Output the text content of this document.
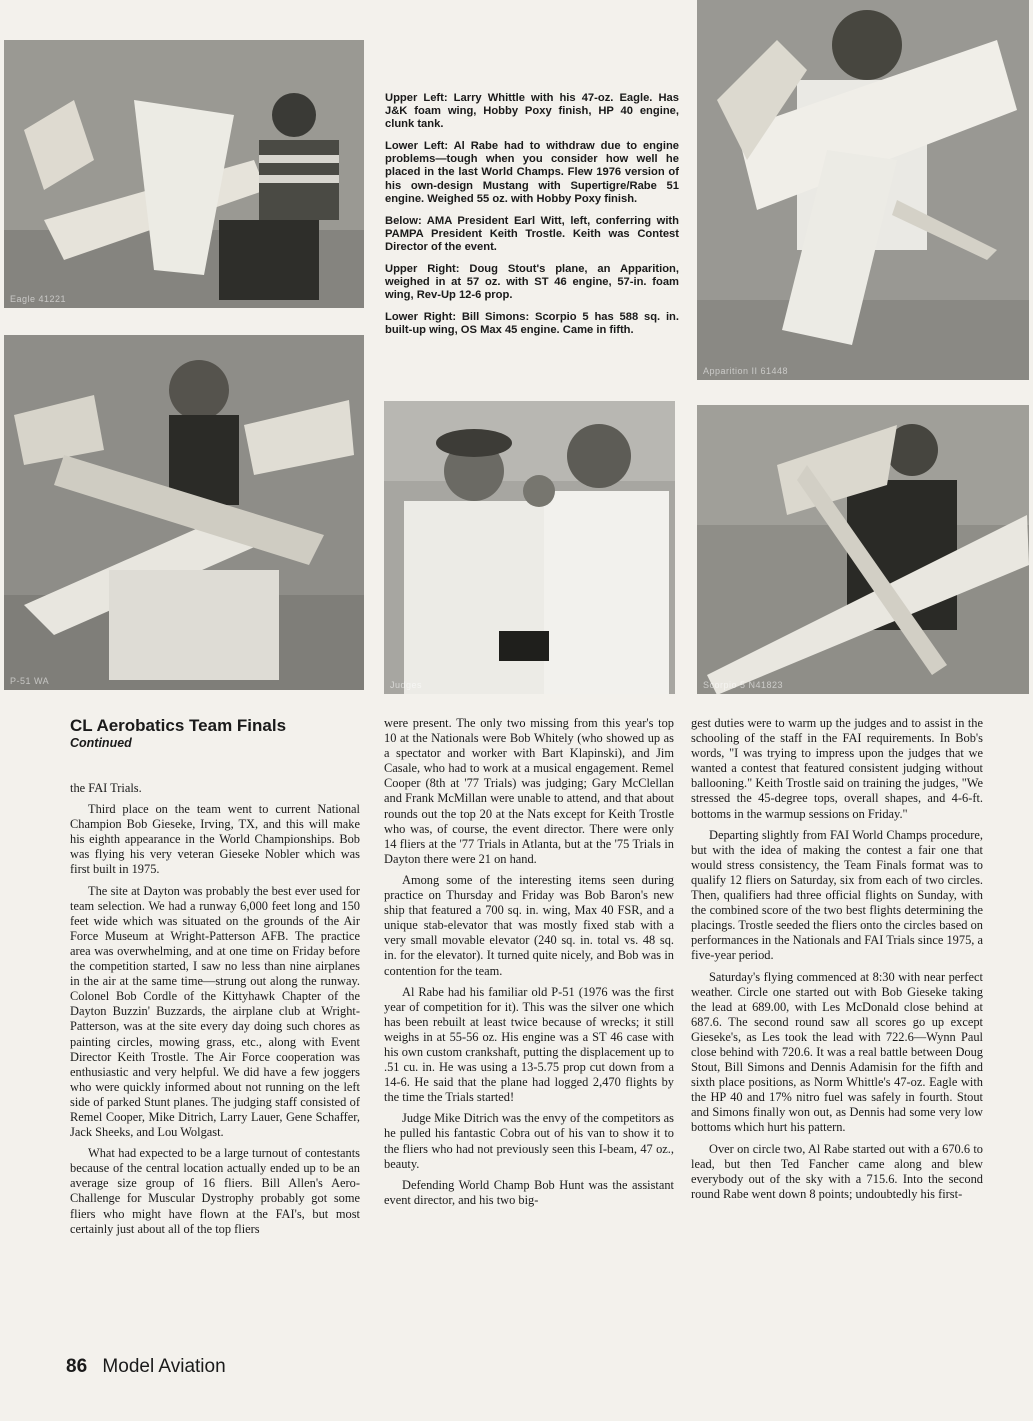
Eagle 41221
P-51 WA	Judges
Apparition II 61448
Scorpio 5 N41823

Upper Left: Larry Whittle with his 47-oz. Eagle. Has J&K foam wing, Hobby Poxy finish, HP 40 engine, clunk tank.

Lower Left: Al Rabe had to withdraw due to engine problems—tough when you consider how well he placed in the last World Champs. Flew 1976 version of his own-design Mustang with Supertigre/Rabe 51 engine. Weighed 55 oz. with Hobby Poxy finish.

Below: AMA President Earl Witt, left, conferring with PAMPA President Keith Trostle. Keith was Contest Director of the event.

Upper Right: Doug Stout's plane, an Apparition, weighed in at 57 oz. with ST 46 engine, 57-in. foam wing, Rev-Up 12-6 prop.

Lower Right: Bill Simons: Scorpio 5 has 588 sq. in. built-up wing, OS Max 45 engine. Came in fifth.

CL Aerobatics Team Finals
Continued

the FAI Trials.

Third place on the team went to current National Champion Bob Gieseke, Irving, TX, and this will make his eighth appearance in the World Championships. Bob was flying his very veteran Gieseke Nobler which was first built in 1975.

The site at Dayton was probably the best ever used for team selection. We had a runway 6,000 feet long and 150 feet wide which was situated on the grounds of the Air Force Museum at Wright-Patterson AFB. The practice area was overwhelming, and at one time on Friday before the competition started, I saw no less than nine airplanes in the air at the same time—strung out along the runway. Colonel Bob Cordle of the Kittyhawk Chapter of the Dayton Buzzin' Buzzards, the airplane club at Wright-Patterson, was at the site every day doing such chores as painting circles, mowing grass, etc., along with Event Director Keith Trostle. The Air Force cooperation was enthusiastic and very helpful. We did have a few joggers who were quickly informed about not running on the left side of parked Stunt planes. The judging staff consisted of Remel Cooper, Mike Ditrich, Larry Lauer, Gene Schaffer, Jack Sheeks, and Lou Wolgast.

What had expected to be a large turnout of contestants because of the central location actually ended up to be an average size group of 16 fliers. Bill Allen's Aero-Challenge for Muscular Dystrophy probably got some fliers who might have flown at the FAI's, but most certainly just about all of the top fliers

were present. The only two missing from this year's top 10 at the Nationals were Bob Whitely (who showed up as a spectator and worker with Bart Klapinski), and Jim Casale, who had to work at a musical engagement. Remel Cooper (8th at '77 Trials) was judging; Gary McClellan and Frank McMillan were unable to attend, and that about rounds out the top 20 at the Nats except for Keith Trostle who was, of course, the event director. There were only 14 fliers at the '77 Trials in Atlanta, but at the '75 Trials in Dayton there were 21 on hand.

Among some of the interesting items seen during practice on Thursday and Friday was Bob Baron's new ship that featured a 700 sq. in. wing, Max 40 FSR, and a unique stab-elevator that was mostly fixed stab with a very small movable elevator (240 sq. in. total vs. 48 sq. in. for the elevator). It turned quite nicely, and Bob was in contention for the team.

Al Rabe had his familiar old P-51 (1976 was the first year of competition for it). This was the silver one which has been rebuilt at least twice because of wrecks; it still weighs in at 55-56 oz. His engine was a ST 46 case with his own custom crankshaft, putting the displacement up to .51 cu. in. He was using a 13-5.75 prop cut down from a 14-6. He said that the plane had logged 2,470 flights by the time the Trials started!

Judge Mike Ditrich was the envy of the competitors as he pulled his fantastic Cobra out of his van to show it to the fliers who had not previously seen this I-beam, 47 oz., beauty.

Defending World Champ Bob Hunt was the assistant event director, and his two big-

gest duties were to warm up the judges and to assist in the schooling of the staff in the FAI requirements. In Bob's words, "I was trying to impress upon the judges that we wanted a contest that featured consistent judging without ballooning." Keith Trostle said on training the judges, "We stressed the 45-degree tops, overall shapes, and 4-6-ft. bottoms in the warmup sessions on Friday."

Departing slightly from FAI World Champs procedure, but with the idea of making the contest a fair one that would stress consistency, the Team Finals format was to qualify 12 fliers on Saturday, six from each of two circles. Then, qualifiers had three official flights on Sunday, with the combined score of the two best flights determining the placings. Trostle seeded the fliers onto the circles based on performances in the Nationals and FAI Trials since 1975, a five-year period.

Saturday's flying commenced at 8:30 with near perfect weather. Circle one started out with Bob Gieseke taking the lead at 689.00, with Les McDonald close behind at 687.6. The second round saw all scores go up except Gieseke's, as Les took the lead with 722.6—Wynn Paul close behind with 720.6. It was a real battle between Doug Stout, Bill Simons and Dennis Adamisin for the fifth and sixth place positions, as Norm Whittle's 47-oz. Eagle with the HP 40 and 17% nitro fuel was safely in fourth. Stout and Simons finally won out, as Dennis had some very low bottoms which hurt his pattern.

Over on circle two, Al Rabe started out with a 670.6 to lead, but then Ted Fancher came along and blew everybody out of the sky with a 715.6. Into the second round Rabe went down 8 points; undoubtedly his first-

86 Model Aviation
